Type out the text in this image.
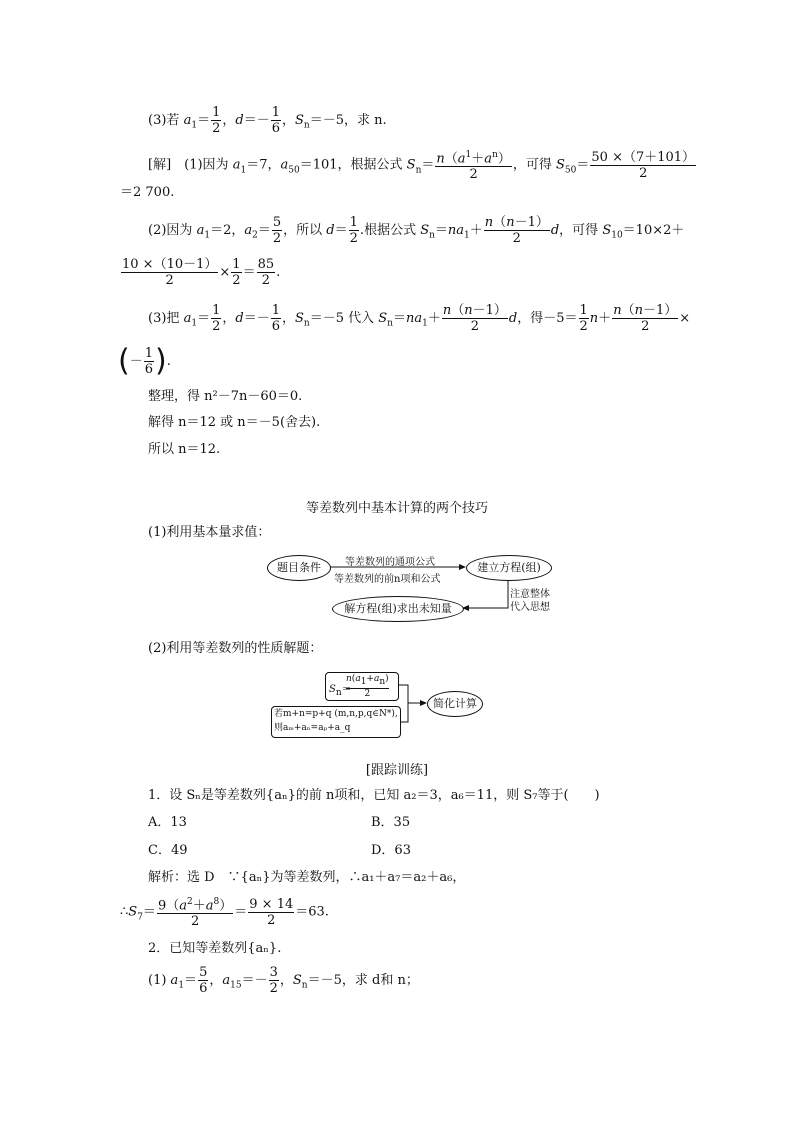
(3)若 $a_1= \frac{1}{2}$ ，$d=- \frac{1}{6}$ ，$S_n=-5$，求 n.
[解]　(1)因为 $a_1=7$，$a_{50}=101$，根据公式 $S_n= \frac{n(a^1+a^n)}{2}$ ，可得 $S_{50}= \frac{50 \times(7+101)}{2}$
＝2 700.
(2)因为 $a_1=2$，$a_2= \frac{5}{2}$ ，所以 $d= \frac{1}{2}$ .根据公式 $S_n=na_1+ \frac{n(n-1)}{2}$ d，可得 $S_{10}=10\times 2+$
$\frac{10 \times(10-1)}{2} \times \frac{1}{2} = \frac{85}{2}$ .
(3)把 $a_1= \frac{1}{2}$ ，$d=- \frac{1}{6}$ ，$S_n=-5$ 代入 $S_n=na_1+ \frac{n(n-1)}{2}$ d，得$-5= \frac{1}{2} n+ \frac{n(n-1)}{2}$ ×
(－ $\frac{1}{6}$ ).
整理，得 n²－7n－60＝0.
解得 n＝12 或 n＝－5(舍去).
所以 n＝12.
等差数列中基本计算的两个技巧
(1)利用基本量求值：
题目条件	等差数列的通项公式
等差数列的前n项和公式
建立方程(组)
注意整体
代入思想
解方程(组)求出未知量
(2)利用等差数列的性质解题：
$S_n=$
$n(a_1+a_n)$
2
若m+n=p+q (m,n,p,q∈N*),
则aₘ+aₙ=aₚ+a_q
简化计算
[跟踪训练]
1．设 Sₙ是等差数列{aₙ}的前 n项和，已知 a₂＝3，a₆＝11，则 S₇等于(　　)
A．13	B．35
C．49	D．63
解析：选 D　∵{aₙ}为等差数列，∴a₁＋a₇＝a₂＋a₆，
$\therefore S_7= \frac{9(a^2+a^8)}{2} = \frac{9 \times 14}{2} =63$.
2．已知等差数列{aₙ}.
(1) $a_1= \frac{5}{6}$ ，$a_{15}=- \frac{3}{2}$ ，$S_n=-5$，求 d和 n；
